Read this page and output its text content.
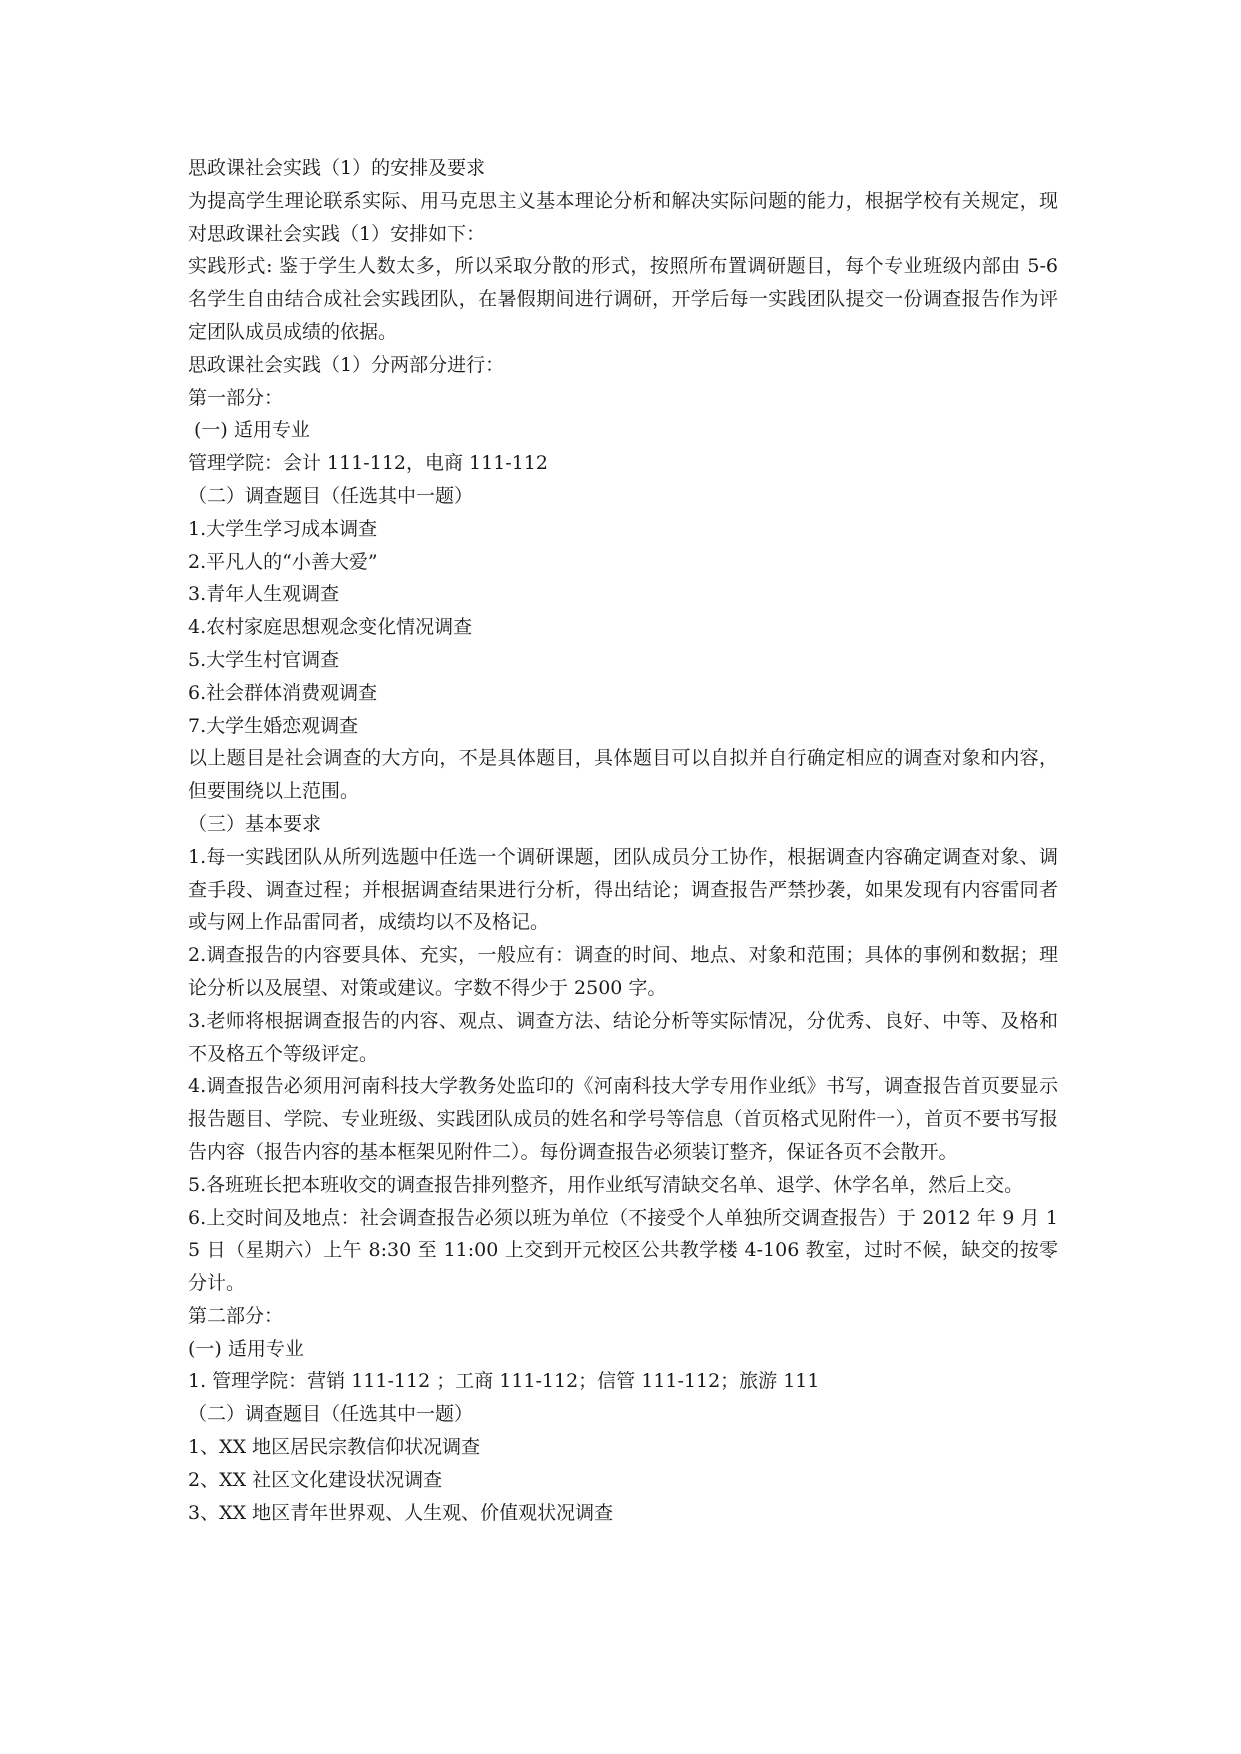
思政课社会实践（1）的安排及要求

为提高学生理论联系实际、用马克思主义基本理论分析和解决实际问题的能力，根据学校有关规定，现对思政课社会实践（1）安排如下：

实践形式: 鉴于学生人数太多，所以采取分散的形式，按照所布置调研题目，每个专业班级内部由 5-6 名学生自由结合成社会实践团队，在暑假期间进行调研，开学后每一实践团队提交一份调查报告作为评定团队成员成绩的依据。

思政课社会实践（1）分两部分进行：

第一部分：

(一) 适用专业

管理学院：会计 111-112，电商 111-112

（二）调查题目（任选其中一题）

1.大学生学习成本调查

2.平凡人的“小善大爱”

3.青年人生观调查

4.农村家庭思想观念变化情况调查

5.大学生村官调查

6.社会群体消费观调查

7.大学生婚恋观调查

以上题目是社会调查的大方向，不是具体题目，具体题目可以自拟并自行确定相应的调查对象和内容，但要围绕以上范围。

（三）基本要求

1.每一实践团队从所列选题中任选一个调研课题，团队成员分工协作，根据调查内容确定调查对象、调查手段、调查过程；并根据调查结果进行分析，得出结论；调查报告严禁抄袭，如果发现有内容雷同者或与网上作品雷同者，成绩均以不及格记。

2.调查报告的内容要具体、充实，一般应有：调查的时间、地点、对象和范围；具体的事例和数据；理论分析以及展望、对策或建议。字数不得少于 2500 字。

3.老师将根据调查报告的内容、观点、调查方法、结论分析等实际情况，分优秀、良好、中等、及格和不及格五个等级评定。

4.调查报告必须用河南科技大学教务处监印的《河南科技大学专用作业纸》书写，调查报告首页要显示报告题目、学院、专业班级、实践团队成员的姓名和学号等信息（首页格式见附件一），首页不要书写报告内容（报告内容的基本框架见附件二）。每份调查报告必须装订整齐，保证各页不会散开。

5.各班班长把本班收交的调查报告排列整齐，用作业纸写清缺交名单、退学、休学名单，然后上交。

6.上交时间及地点：社会调查报告必须以班为单位（不接受个人单独所交调查报告）于 2012 年 9 月 15 日（星期六）上午 8:30 至 11:00 上交到开元校区公共教学楼 4-106 教室，过时不候，缺交的按零分计。

第二部分：

(一) 适用专业

1. 管理学院：营销 111-112 ；工商 111-112；信管 111-112；旅游 111

（二）调查题目（任选其中一题）

1、XX 地区居民宗教信仰状况调查

2、XX 社区文化建设状况调查

3、XX 地区青年世界观、人生观、价值观状况调查
